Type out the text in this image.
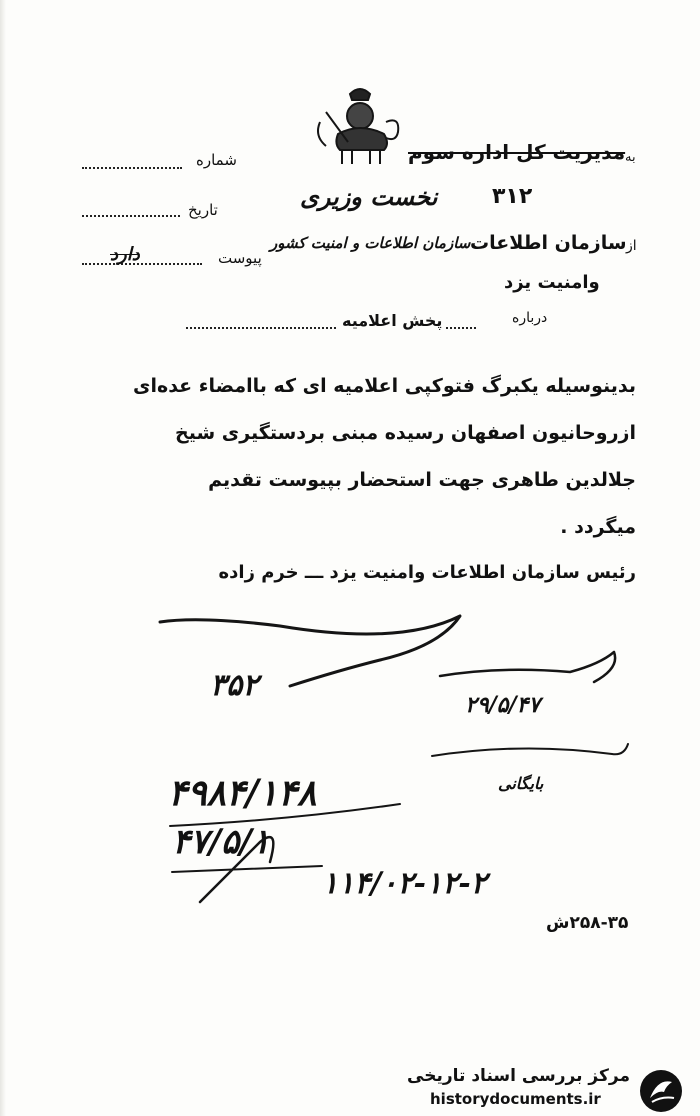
به
مدیریت کل اداره سوم
نخست وزیری ۳۱۲
شماره
تاریخ
پیوست
دارد	از
سازمان اطلاعات
سازمان اطلاعات و امنیت کشور
وامنیت یزد
درباره
پخش اعلامیه
بدینوسیله یکبرگ فتوکپی اعلامیه ای که باامضاء عده‌ای
ازروحانیون اصفهان رسیده مبنی بردستگیری شیخ
جلالدین طاهری جهت استحضار بپیوست تقدیم
میگردد .
رئیس سازمان اطلاعات وامنیت یزد ـــ خرم زاده
۳۵۲
۲۹/۵/۴۷
بایگانی
۴۹۸۴/۱۴۸
۴۷/۵/۱
۱۱۴/۰۲-۱۲-۲
۲۵۸-۳۵ش
مرکز بررسی اسناد تاریخی
historydocuments.ir
